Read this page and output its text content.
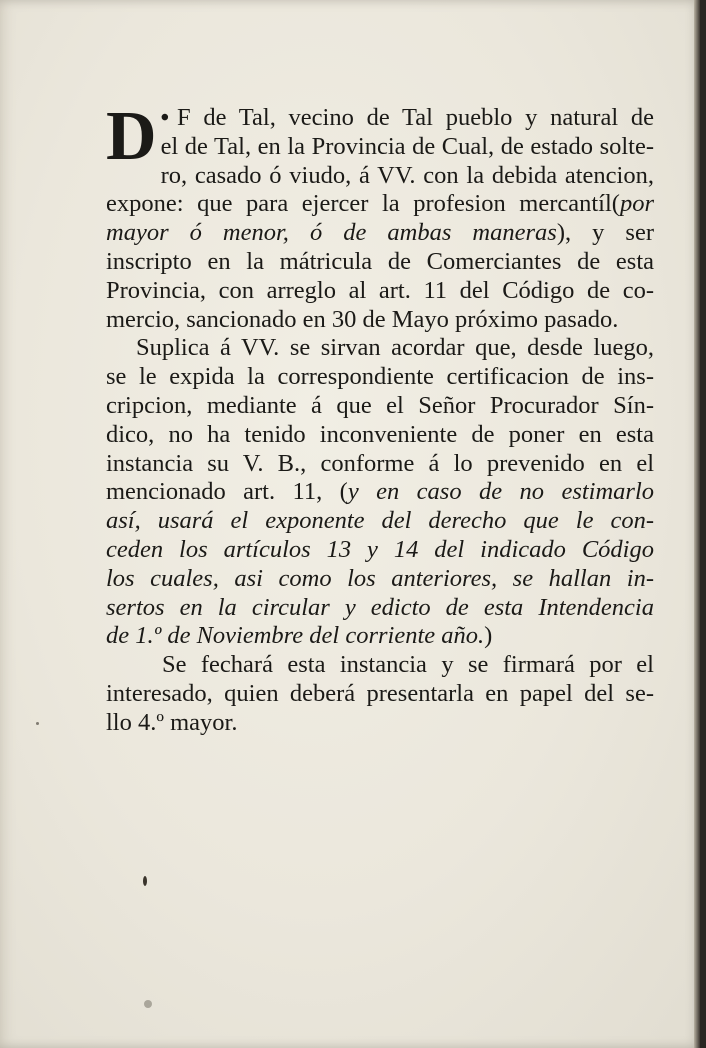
D • F de Tal, vecino de Tal pueblo y natural de
el de Tal, en la Provincia de Cual, de estado solte-
ro, casado ó viudo, á VV. con la debida atencion,
expone: que para ejercer la profesion mercantíl(por
mayor ó menor, ó de ambas maneras), y ser
inscripto en la mátricula de Comerciantes de esta
Provincia, con arreglo al art. 11 del Código de co-
mercio, sancionado en 30 de Mayo próximo pasado.
Suplica á VV. se sirvan acordar que, desde luego,
se le expida la correspondiente certificacion de ins-
cripcion, mediante á que el Señor Procurador Sín-
dico, no ha tenido inconveniente de poner en esta
instancia su V. B., conforme á lo prevenido en el
mencionado art. 11, (y en caso de no estimarlo
así, usará el exponente del derecho que le con-
ceden los artículos 13 y 14 del indicado Código
los cuales, asi como los anteriores, se hallan in-
sertos en la circular y edicto de esta Intendencia
de 1.º de Noviembre del corriente año.)
Se fechará esta instancia y se firmará por el
interesado, quien deberá presentarla en papel del se-
llo 4.º mayor.
